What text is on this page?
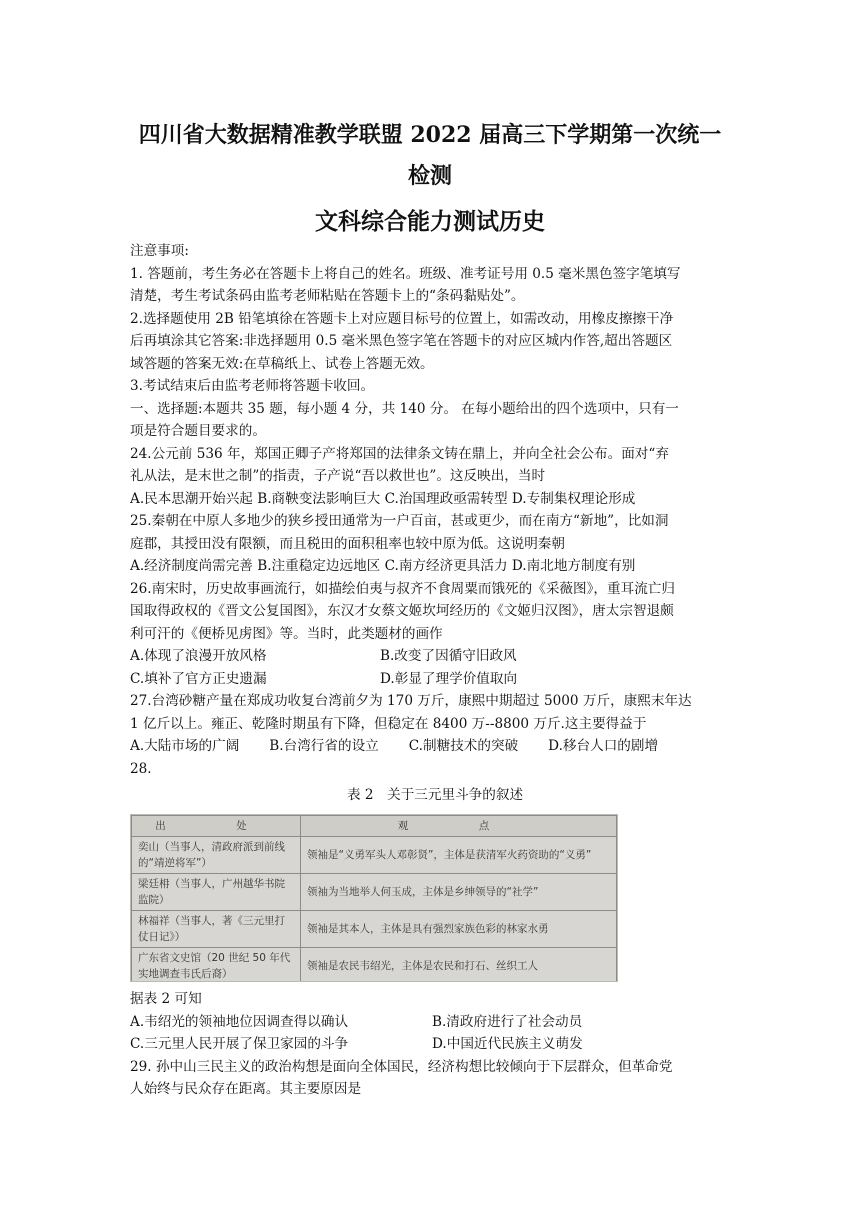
四川省大数据精准教学联盟 2022 届高三下学期第一次统一
检测
文科综合能力测试历史
注意事项:
1. 答题前，考生务必在答题卡上将自己的姓名。班级、准考证号用 0.5 毫米黑色签字笔填写
清楚，考生考试条码由监考老师粘贴在答题卡上的“条码黏贴处”。
2.选择题使用 2B 铅笔填徐在答题卡上对应题目标号的位置上，如需改动，用橡皮擦擦干净
后再填涂其它答案:非选择题用 0.5 毫米黑色签字笔在答题卡的对应区城内作答,超出答题区
域答题的答案无效:在草稿纸上、试卷上答题无效。
3.考试结束后由监考老师将答题卡收回。
一、选择题:本题共 35 题，每小题 4 分，共 140 分。 在每小题给出的四个选项中，只有一
项是符合题目要求的。
24.公元前 536 年，郑国正卿子产将郑国的法律条文铸在鼎上，并向全社会公布。面对“弃
礼从法，是末世之制”的指责，子产说“吾以救世也”。这反映出，当时
A.民本思潮开始兴起 B.商鞅变法影响巨大 C.治国理政亟需转型 D.专制集权理论形成
25.秦朝在中原人多地少的狭乡授田通常为一户百亩，甚或更少，而在南方“新地”，比如洞
庭郡，其授田没有限额，而且税田的面积租率也较中原为低。这说明秦朝
A.经济制度尚需完善 B.注重稳定边远地区 C.南方经济更具活力 D.南北地方制度有别
26.南宋时，历史故事画流行，如描绘伯夷与叔齐不食周粟而饿死的《采薇图》，重耳流亡归
国取得政权的《晋文公复国图》，东汉才女蔡文姬坎坷经历的《文姬归汉图》，唐太宗智退颇
利可汗的《便桥见虏图》等。当时，此类题材的画作
A.体现了浪漫开放风格	B.改变了因循守旧政风
C.填补了官方正史遗漏	D.彰显了理学价值取向
27.台湾砂糖产量在郑成功收复台湾前夕为 170 万斤，康熙中期超过 5000 万斤，康熙末年达
1 亿斤以上。雍正、乾隆时期虽有下降，但稳定在 8400 万--8800 万斤.这主要得益于
A.大陆市场的广阔 B.台湾行省的设立 C.制糖技术的突破 D.移台人口的剧增
28.
表 2　关于三元里斗争的叙述
出　处	观　点
奕山（当事人，清政府派到前线的“靖逆将军”）	领袖是“义勇军头人邓彰贤”，主体是获清军火药资助的“义勇”
梁廷枏（当事人，广州越华书院监院）	领袖为当地举人何玉成，主体是乡绅领导的“社学”
林福祥（当事人，著《三元里打仗日记》）	领袖是其本人，主体是具有强烈家族色彩的林家水勇
广东省文史馆（20 世纪 50 年代实地调查韦氏后裔）	领袖是农民韦绍光，主体是农民和打石、丝织工人
据表 2 可知
A.韦绍光的领袖地位因调查得以确认	B.清政府进行了社会动员
C.三元里人民开展了保卫家园的斗争	D.中国近代民族主义萌发
29. 孙中山三民主义的政治构想是面向全体国民，经济构想比较倾向于下层群众，但革命党
人始终与民众存在距离。其主要原因是
